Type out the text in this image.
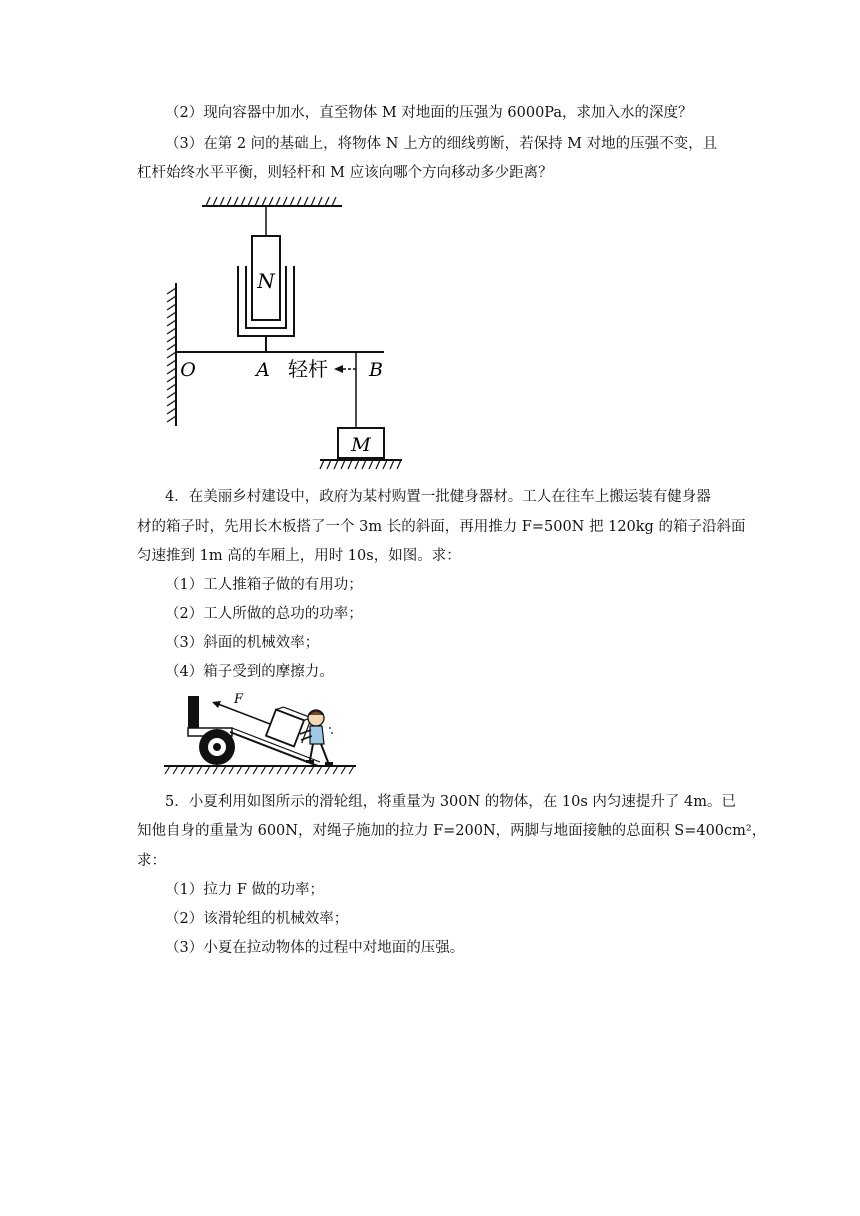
（2）现向容器中加水，直至物体 M 对地面的压强为 6000Pa，求加入水的深度？
（3）在第 2 问的基础上，将物体 N 上方的细线剪断，若保持 M 对地的压强不变，且
杠杆始终水平平衡，则轻杆和 M 应该向哪个方向移动多少距离？
N
O	A	B
轻杆
M
4．在美丽乡村建设中，政府为某村购置一批健身器材。工人在往车上搬运装有健身器
材的箱子时，先用长木板搭了一个 3m 长的斜面，再用推力 F=500N 把 120kg 的箱子沿斜面
匀速推到 1m 高的车厢上，用时 10s，如图。求：
（1）工人推箱子做的有用功；
（2）工人所做的总功的功率；
（3）斜面的机械效率；
（4）箱子受到的摩擦力。
F
5．小夏利用如图所示的滑轮组，将重量为 300N 的物体，在 10s 内匀速提升了 4m。已
知他自身的重量为 600N，对绳子施加的拉力 F=200N，两脚与地面接触的总面积 S=400cm²，
求：
（1）拉力 F 做的功率；
（2）该滑轮组的机械效率；
（3）小夏在拉动物体的过程中对地面的压强。
